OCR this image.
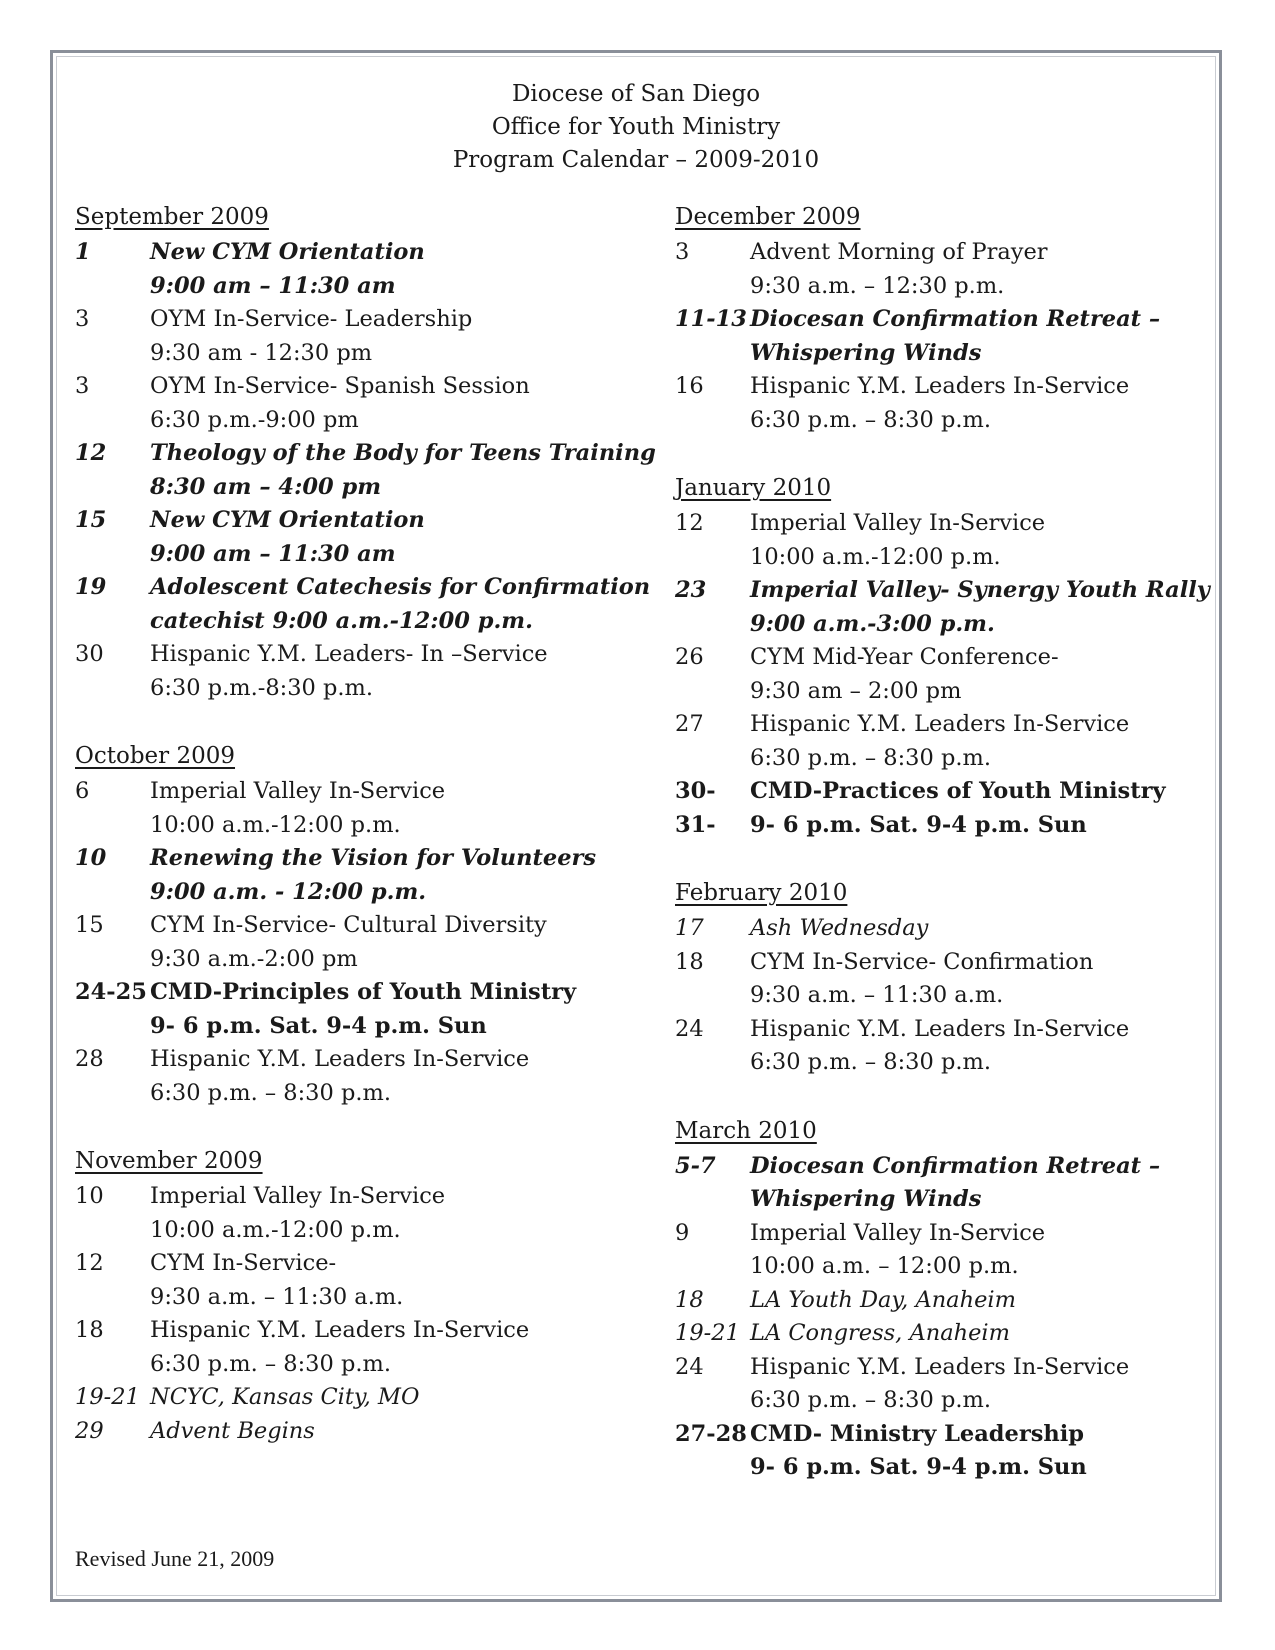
Diocese of San Diego
Office for Youth Ministry
Program Calendar – 2009-2010
September 2009
1	New CYM Orientation
9:00 am – 11:30 am
3	OYM In-Service- Leadership
9:30 am - 12:30 pm
3	OYM In-Service- Spanish Session
6:30 p.m.-9:00 pm
12	Theology of the Body for Teens Training
8:30 am – 4:00 pm
15	New CYM Orientation
9:00 am – 11:30 am
19	Adolescent Catechesis for Confirmation
catechist 9:00 a.m.-12:00 p.m.
30	Hispanic Y.M. Leaders- In –Service
6:30 p.m.-8:30 p.m.
October 2009
6	Imperial Valley In-Service
10:00 a.m.-12:00 p.m.
10	Renewing the Vision for Volunteers
9:00 a.m. - 12:00 p.m.
15	CYM In-Service- Cultural Diversity
9:30 a.m.-2:00 pm
24-25 CMD-Principles of Youth Ministry
9- 6 p.m. Sat. 9-4 p.m. Sun
28	Hispanic Y.M. Leaders In-Service
6:30 p.m. – 8:30 p.m.
November 2009
10	Imperial Valley In-Service
10:00 a.m.-12:00 p.m.
12	CYM In-Service-
9:30 a.m. – 11:30 a.m.
18	Hispanic Y.M. Leaders In-Service
6:30 p.m. – 8:30 p.m.
19-21 NCYC, Kansas City, MO
29	Advent Begins
December 2009
3	Advent Morning of Prayer
9:30 a.m. – 12:30 p.m.
11-13 Diocesan Confirmation Retreat –
Whispering Winds
16	Hispanic Y.M. Leaders In-Service
6:30 p.m. – 8:30 p.m.
January 2010
12	Imperial Valley In-Service
10:00 a.m.-12:00 p.m.
23	Imperial Valley- Synergy Youth Rally
9:00 a.m.-3:00 p.m.
26	CYM Mid-Year Conference-
9:30 am – 2:00 pm
27	Hispanic Y.M. Leaders In-Service
6:30 p.m. – 8:30 p.m.
30-31-
CMD-Practices of Youth Ministry
9- 6 p.m. Sat. 9-4 p.m. Sun
February 2010
17	Ash Wednesday
18	CYM In-Service- Confirmation
9:30 a.m. – 11:30 a.m.
24	Hispanic Y.M. Leaders In-Service
6:30 p.m. – 8:30 p.m.
March 2010
5-7	Diocesan Confirmation Retreat –
Whispering Winds
9	Imperial Valley In-Service
10:00 a.m. – 12:00 p.m.
18	LA Youth Day, Anaheim
19-21 LA Congress, Anaheim
24	Hispanic Y.M. Leaders In-Service
6:30 p.m. – 8:30 p.m.
27-28 CMD- Ministry Leadership
9- 6 p.m. Sat. 9-4 p.m. Sun
Revised June 21, 2009
